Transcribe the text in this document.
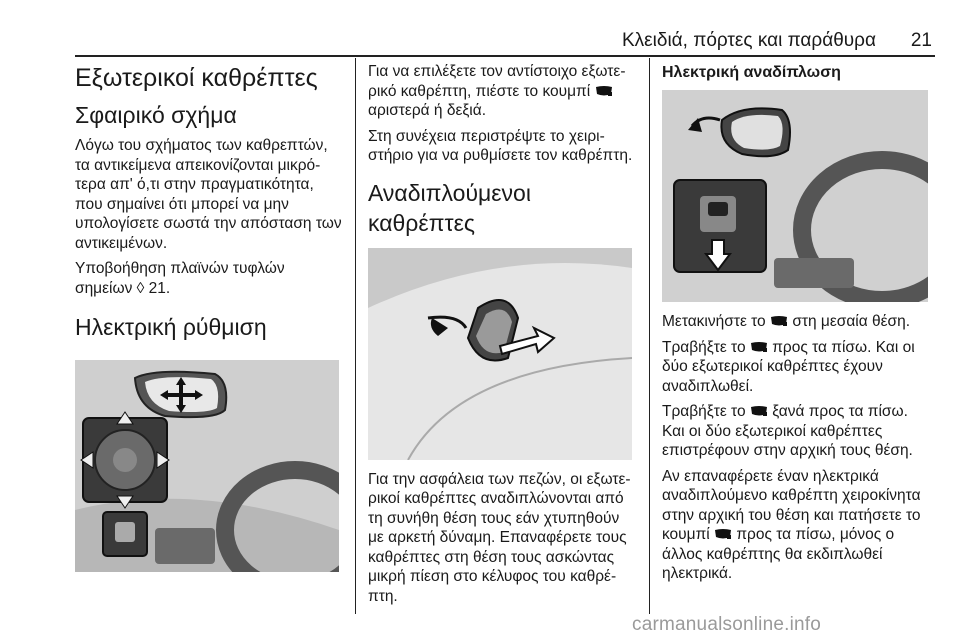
Κλειδιά, πόρτες και παράθυρα 21
Εξωτερικοί καθρέπτες
Σφαιρικό σχήμα

Λόγω του σχήματος των καθρεπτών, τα αντικείμενα απεικονίζονται μικρότερα απ' ό,τι στην πραγματικότητα, που σημαίνει ότι μπορεί να μην υπολογίσετε σωστά την απόσταση των αντικειμένων.

Υποβοήθηση πλαϊνών τυφλών σημείων ◊ 21.

Ηλεκτρική ρύθμιση

Για να επιλέξετε τον αντίστοιχο εξωτερικό καθρέπτη, πιέστε το κουμπί  αριστερά ή δεξιά.

Στη συνέχεια περιστρέψτε το χειριστήριο για να ρυθμίσετε τον καθρέπτη.

Αναδιπλούμενοι καθρέπτες

Για την ασφάλεια των πεζών, οι εξωτερικοί καθρέπτες αναδιπλώνονται από τη συνήθη θέση τους εάν χτυπηθούν με αρκετή δύναμη. Επαναφέρετε τους καθρέπτες στη θέση τους ασκώντας μικρή πίεση στο κέλυφος του καθρέπτη.

Ηλεκτρική αναδίπλωση

Μετακινήστε το στη μεσαία θέση.

Τραβήξτε το προς τα πίσω. Και οι δύο εξωτερικοί καθρέπτες έχουν αναδιπλωθεί.

Τραβήξτε το ξανά προς τα πίσω. Και οι δύο εξωτερικοί καθρέπτες επιστρέφουν στην αρχική τους θέση.

Αν επαναφέρετε έναν ηλεκτρικά αναδιπλούμενο καθρέπτη χειροκίνητα στην αρχική του θέση και πατήσετε το κουμπί προς τα πίσω, μόνος ο άλλος καθρέπτης θα εκδιπλωθεί ηλεκτρικά.

carmanualsonline.info
